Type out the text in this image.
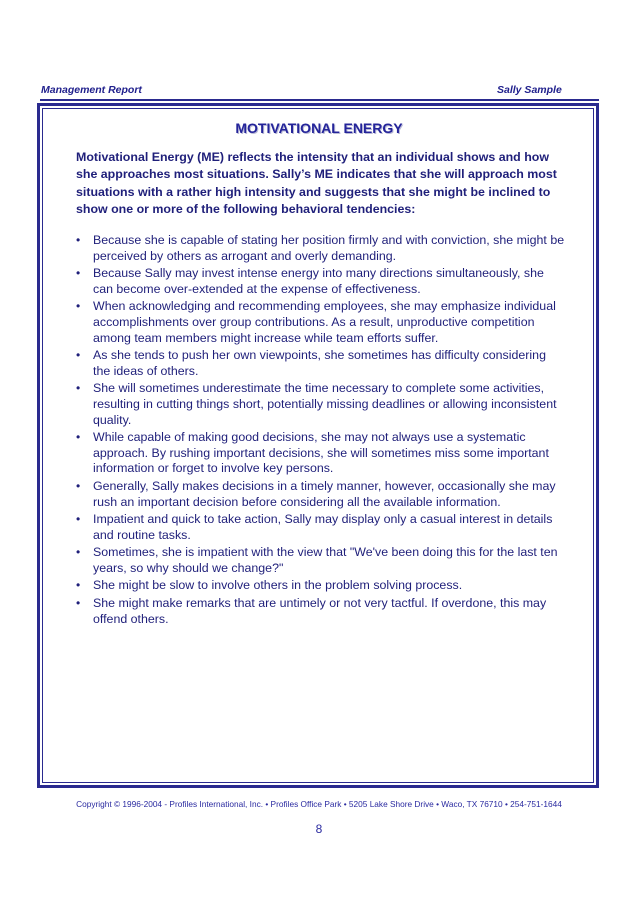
Management Report	Sally Sample
MOTIVATIONAL ENERGY
Motivational Energy (ME) reflects the intensity that an individual shows and how she approaches most situations. Sally’s ME indicates that she will approach most situations with a rather high intensity and suggests that she might be inclined to show one or more of the following behavioral tendencies:
• Because she is capable of stating her position firmly and with conviction, she might be perceived by others as arrogant and overly demanding.
• Because Sally may invest intense energy into many directions simultaneously, she can become over-extended at the expense of effectiveness.
• When acknowledging and recommending employees, she may emphasize individual accomplishments over group contributions. As a result, unproductive competition among team members might increase while team efforts suffer.
• As she tends to push her own viewpoints, she sometimes has difficulty considering the ideas of others.
• She will sometimes underestimate the time necessary to complete some activities, resulting in cutting things short, potentially missing deadlines or allowing inconsistent quality.
• While capable of making good decisions, she may not always use a systematic approach. By rushing important decisions, she will sometimes miss some important information or forget to involve key persons.
• Generally, Sally makes decisions in a timely manner, however, occasionally she may rush an important decision before considering all the available information.
• Impatient and quick to take action, Sally may display only a casual interest in details and routine tasks.
• Sometimes, she is impatient with the view that "We've been doing this for the last ten years, so why should we change?"
• She might be slow to involve others in the problem solving process.
• She might make remarks that are untimely or not very tactful. If overdone, this may offend others.
Copyright © 1996-2004 - Profiles International, Inc. • Profiles Office Park • 5205 Lake Shore Drive • Waco, TX 76710 • 254-751-1644
8
